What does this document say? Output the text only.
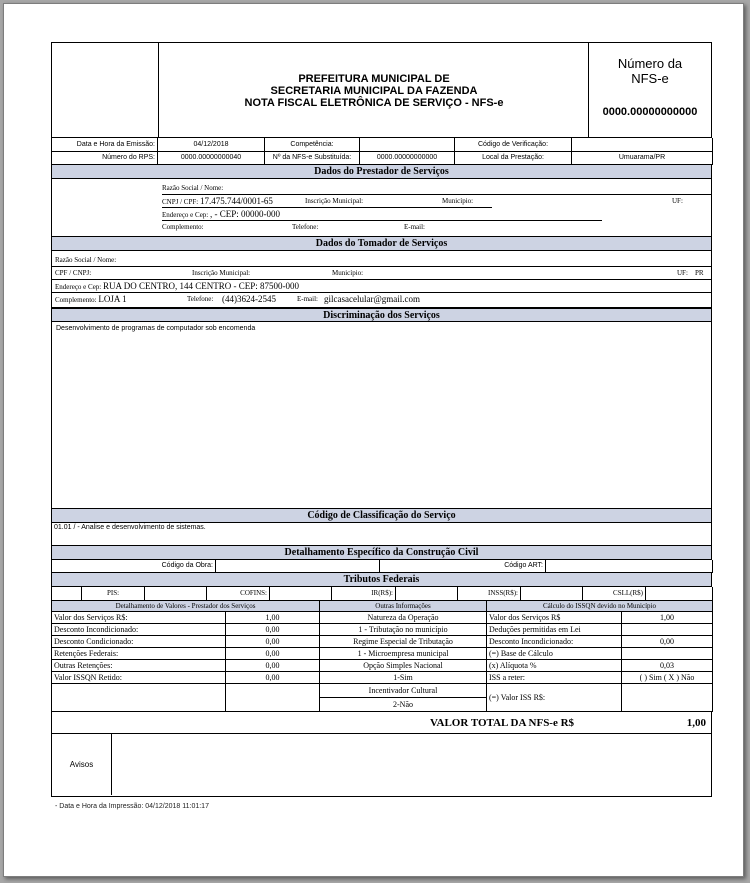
PREFEITURA MUNICIPAL DE
SECRETARIA MUNICIPAL DA FAZENDA
NOTA FISCAL ELETRÔNICA DE SERVIÇO - NFS-e
Número da
NFS-e
0000.00000000000
Data e Hora da Emissão:	04/12/2018	Competência:		Código de Verificação:	
Número do RPS:	0000.00000000040	Nº da NFS-e Substituída:	0000.00000000000	Local da Prestação:	Umuarama/PR
Dados do Prestador de Serviços
Razão Social / Nome:
CNPJ / CPF: 17.475.744/0001-65	Inscrição Municipal:	Município:	UF:
Endereço e Cep: , - CEP: 00000-000
Complemento:	Telefone:	E-mail:
Dados do Tomador de Serviços
Razão Social / Nome:
CPF / CNPJ:	Inscrição Municipal:	Município:	UF: PR
Endereço e Cep: RUA DO CENTRO, 144 CENTRO - CEP: 87500-000
Complemento: LOJA 1	Telefone: (44)3624-2545	E-mail: gilcasacelular@gmail.com
Discriminação dos Serviços
Desenvolvimento de programas de computador sob encomenda
Código de Classificação do Serviço
01.01 / - Analise e desenvolvimento de sistemas.
Detalhamento Específico da Construção Civil
Código da Obra:		Código ART:	
Tributos Federais
	PIS:		COFINS:		IR(R$):		INSS(R$):		CSLL(R$)	
Detalhamento de Valores - Prestador dos Serviços		Outras Informações	Cálculo do ISSQN devido no Município	
Valor dos Serviços R$:	1,00	Natureza da Operação	Valor dos Serviços R$	1,00
Desconto Incondicionado:	0,00	1 - Tributação no município	Deduções permitidas em Lei	
Desconto Condicionado:	0,00	Regime Especial de Tributação	Desconto Incondicionado:	0,00
Retenções Federais:	0,00	1 - Microempresa municipal	(=) Base de Cálculo	
Outras Retenções:	0,00	Opção Simples Nacional	(x) Alíquota %	0,03
Valor ISSQN Retido:	0,00	1-Sim	ISS a reter:	( ) Sim ( X ) Não

		Incentivador Cultural
2-Não	(=) Valor ISS R$:	
VALOR TOTAL DA NFS-e R$	1,00
Avisos
- Data e Hora da Impressão: 04/12/2018 11:01:17
